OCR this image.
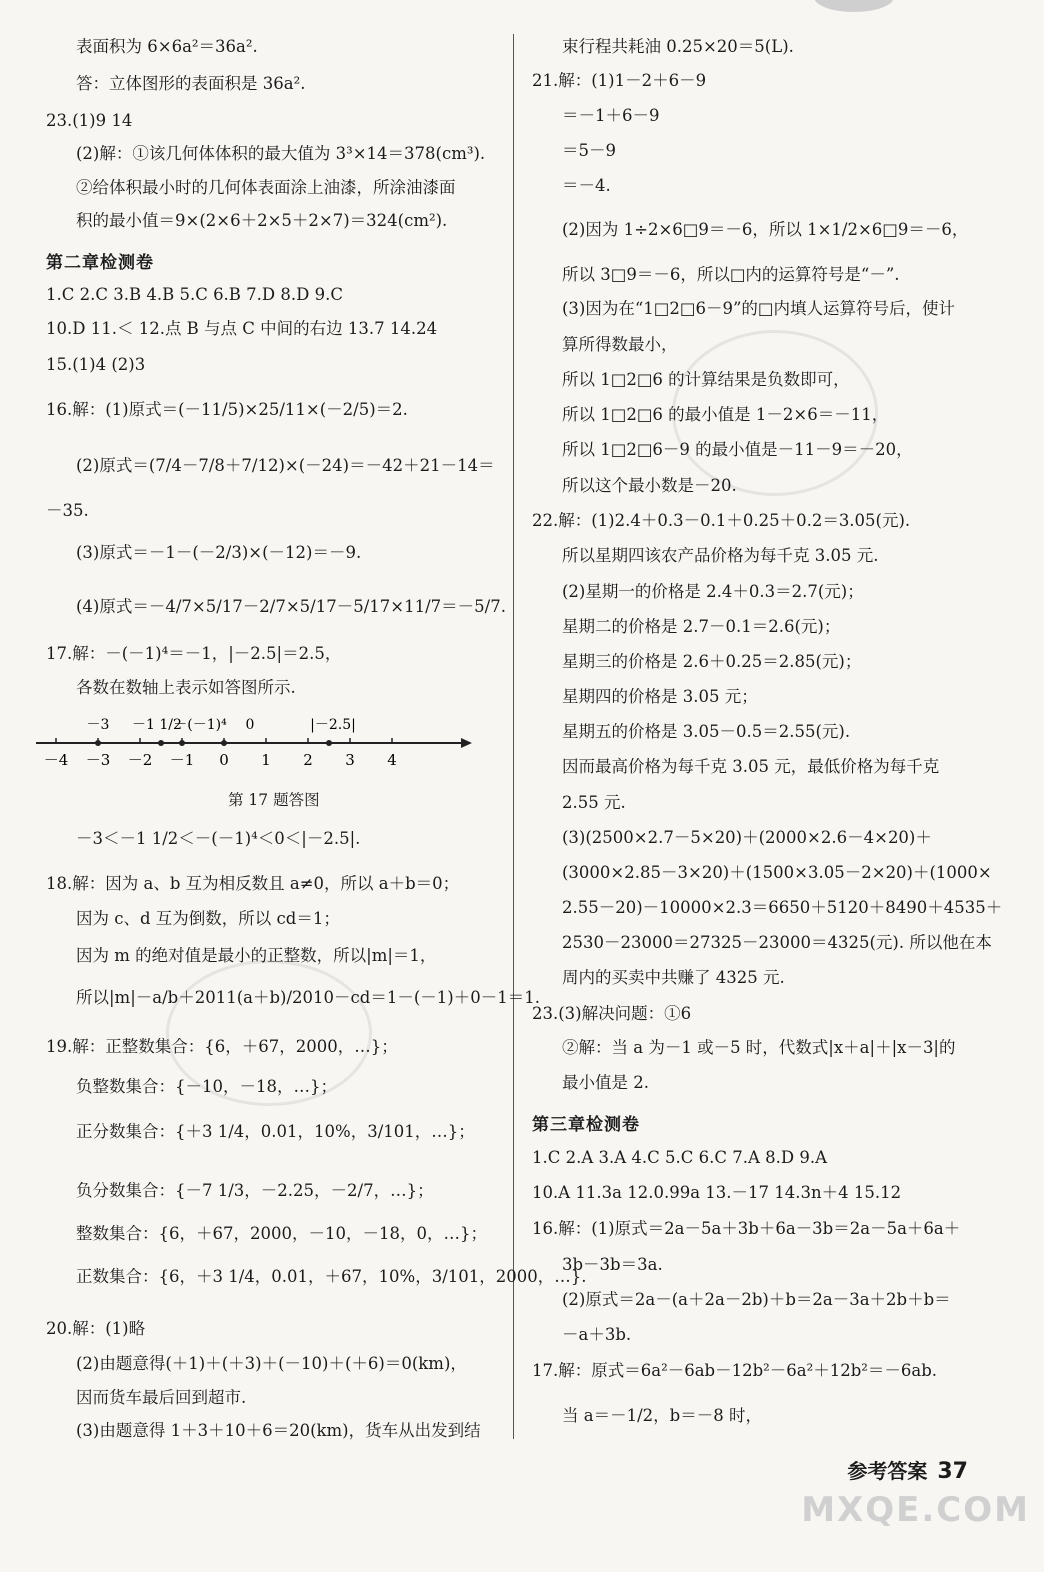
第二章检测卷
表面积为 6×6a²＝36a².
答：立体图形的表面积是 36a².
23.(1)9 14
(2)解：①该几何体体积的最大值为 3³×14＝378(cm³).
②给体积最小时的几何体表面涂上油漆，所涂油漆面
积的最小值＝9×(2×6＋2×5＋2×7)＝324(cm²).
1.C 2.C 3.B 4.B 5.C 6.B 7.D 8.D 9.C
10.D 11.＜ 12.点 B 与点 C 中间的右边 13.7 14.24
15.(1)4 (2)3
16.解：(1)原式＝(－11/5)×25/11×(－2/5)＝2.
(2)原式＝(7/4－7/8＋7/12)×(－24)＝－42＋21－14＝
－35.
(3)原式＝－1－(－2/3)×(－12)＝－9.
(4)原式＝－4/7×5/17－2/7×5/17－5/17×11/7＝－5/7.
17.解：－(－1)⁴＝－1，|－2.5|＝2.5，
各数在数轴上表示如答图所示.
－3＜－1 1/2＜－(－1)⁴＜0＜|－2.5|.
18.解：因为 a、b 互为相反数且 a≠0，所以 a＋b＝0；
因为 c、d 互为倒数，所以 cd＝1；
因为 m 的绝对值是最小的正整数，所以|m|＝1，
所以|m|－a/b＋2011(a＋b)/2010－cd＝1－(－1)＋0－1＝1.
19.解：正整数集合：{6，＋67，2000，…}；
负整数集合：{－10，－18，…}；
正分数集合：{＋3 1/4，0.01，10%，3/101，…}；
负分数集合：{－7 1/3，－2.25，－2/7，…}；
整数集合：{6，＋67，2000，－10，－18，0，…}；
正数集合：{6，＋3 1/4，0.01，＋67，10%，3/101，2000，…}.
20.解：(1)略
(2)由题意得(＋1)＋(＋3)＋(－10)＋(＋6)＝0(km)，
因而货车最后回到超市.
(3)由题意得 1＋3＋10＋6＝20(km)，货车从出发到结
第三章检测卷
束行程共耗油 0.25×20＝5(L).
21.解：(1)1－2＋6－9
＝－1＋6－9
＝5－9
＝－4.
(2)因为 1÷2×6□9＝－6，所以 1×1/2×6□9＝－6，
所以 3□9＝－6，所以□内的运算符号是“－”.
(3)因为在“1□2□6－9”的□内填人运算符号后，使计
算所得数最小，
所以 1□2□6 的计算结果是负数即可，
所以 1□2□6 的最小值是 1－2×6＝－11，
所以 1□2□6－9 的最小值是－11－9＝－20，
所以这个最小数是－20.
22.解：(1)2.4＋0.3－0.1＋0.25＋0.2＝3.05(元).
所以星期四该农产品价格为每千克 3.05 元.
(2)星期一的价格是 2.4＋0.3＝2.7(元)；
星期二的价格是 2.7－0.1＝2.6(元)；
星期三的价格是 2.6＋0.25＝2.85(元)；
星期四的价格是 3.05 元；
星期五的价格是 3.05－0.5＝2.55(元).
因而最高价格为每千克 3.05 元，最低价格为每千克
2.55 元.
(3)(2500×2.7－5×20)＋(2000×2.6－4×20)＋
(3000×2.85－3×20)＋(1500×3.05－2×20)＋(1000×
2.55－20)－10000×2.3＝6650＋5120＋8490＋4535＋
2530－23000＝27325－23000＝4325(元). 所以他在本
周内的买卖中共赚了 4325 元.
23.(3)解决问题：①6
②解：当 a 为－1 或－5 时，代数式|x＋a|＋|x－3|的
最小值是 2.
1.C 2.A 3.A 4.C 5.C 6.C 7.A 8.D 9.A
10.A 11.3a 12.0.99a 13.－17 14.3n＋4 15.12
16.解：(1)原式＝2a－5a＋3b＋6a－3b＝2a－5a＋6a＋
3b－3b＝3a.
(2)原式＝2a－(a＋2a－2b)＋b＝2a－3a＋2b＋b＝
－a＋3b.
17.解：原式＝6a²－6ab－12b²－6a²＋12b²＝－6ab.
当 a＝－1/2，b＝－8 时，
－4 －3 －2 －1 0 1 2 3 4
－3 －1 1/2
－(－1)⁴ 0	|－2.5|
第 17 题答图
参考答案 37
MXQE.COM
